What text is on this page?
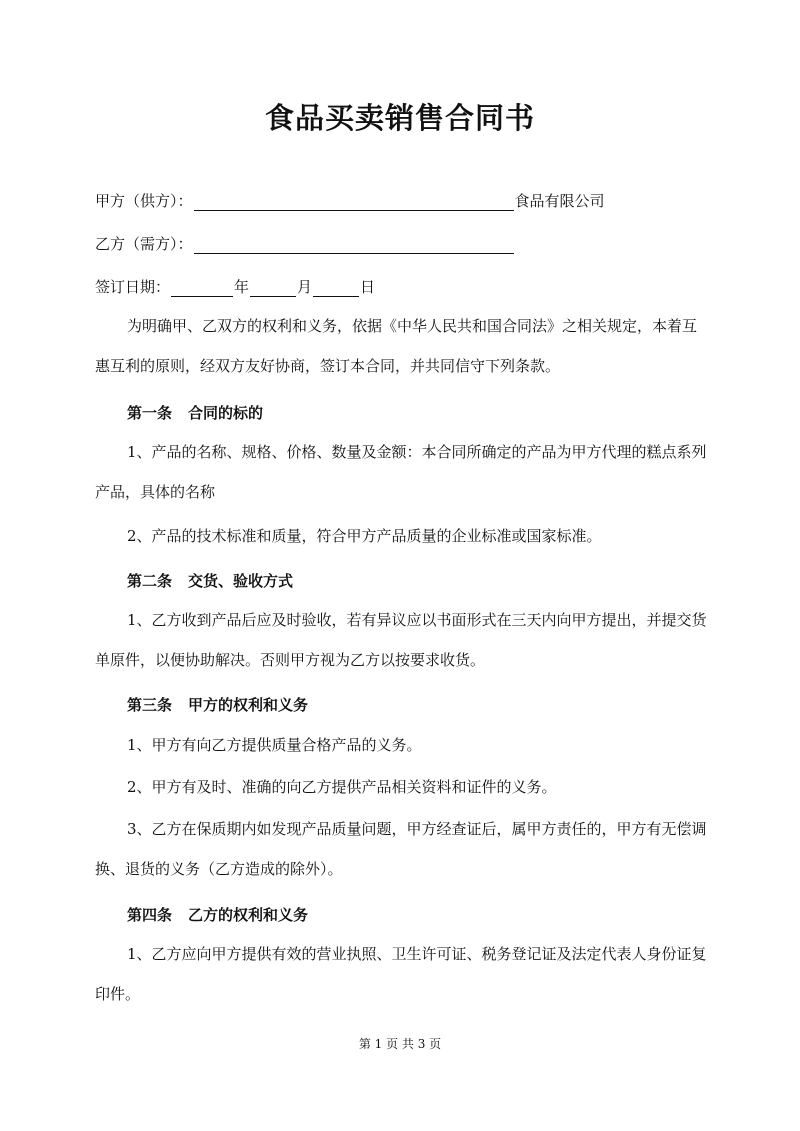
食品买卖销售合同书
甲方（供方）：	食品有限公司
乙方（需方）：
签订日期：	年	月	日
为明确甲、乙双方的权利和义务，依据《中华人民共和国合同法》之相关规定，本着互惠互利的原则，经双方友好协商，签订本合同，并共同信守下列条款。
第一条 合同的标的
1、产品的名称、规格、价格、数量及金额：本合同所确定的产品为甲方代理的糕点系列产品，具体的名称
2、产品的技术标准和质量，符合甲方产品质量的企业标准或国家标准。
第二条 交货、验收方式
1、乙方收到产品后应及时验收，若有异议应以书面形式在三天内向甲方提出，并提交货单原件，以便协助解决。否则甲方视为乙方以按要求收货。
第三条 甲方的权利和义务
1、甲方有向乙方提供质量合格产品的义务。
2、甲方有及时、准确的向乙方提供产品相关资料和证件的义务。
3、乙方在保质期内如发现产品质量问题，甲方经查证后，属甲方责任的，甲方有无偿调换、退货的义务（乙方造成的除外）。
第四条 乙方的权利和义务
1、乙方应向甲方提供有效的营业执照、卫生许可证、税务登记证及法定代表人身份证复印件。
第 1 页 共 3 页
